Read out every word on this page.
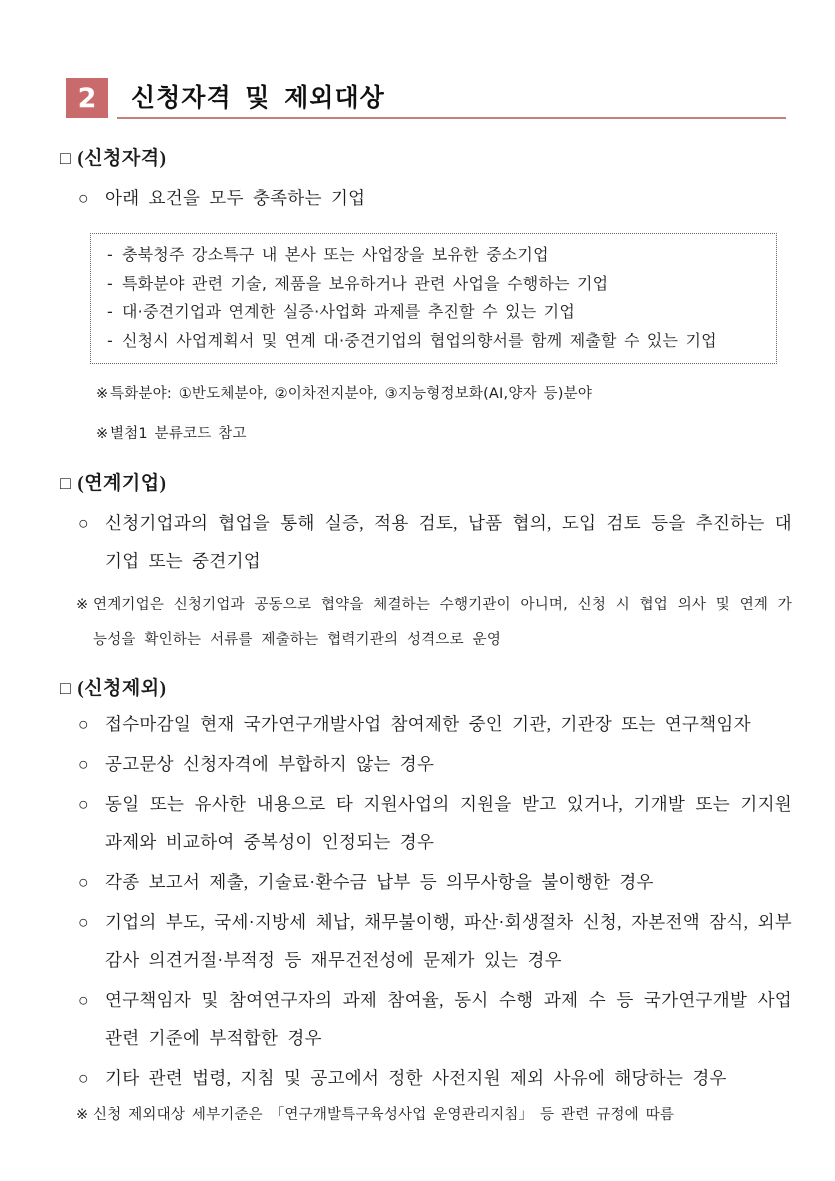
2	신청자격 및 제외대상
□ (신청자격)
○ 아래 요건을 모두 충족하는 기업
- 충북청주 강소특구 내 본사 또는 사업장을 보유한 중소기업
- 특화분야 관련 기술, 제품을 보유하거나 관련 사업을 수행하는 기업
- 대·중견기업과 연계한 실증·사업화 과제를 추진할 수 있는 기업
- 신청시 사업계획서 및 연계 대·중견기업의 협업의향서를 함께 제출할 수 있는 기업
※ 특화분야: ①반도체분야, ②이차전지분야, ③지능형정보화(AI,양자 등)분야
※ 별첨1 분류코드 참고
□ (연계기업)
○ 신청기업과의 협업을 통해 실증, 적용 검토, 납품 협의, 도입 검토 등을 추진하는 대기업 또는 중견기업
※ 연계기업은 신청기업과 공동으로 협약을 체결하는 수행기관이 아니며, 신청 시 협업 의사 및 연계 가능성을 확인하는 서류를 제출하는 협력기관의 성격으로 운영
□ (신청제외)
○ 접수마감일 현재 국가연구개발사업 참여제한 중인 기관, 기관장 또는 연구책임자
○ 공고문상 신청자격에 부합하지 않는 경우
○ 동일 또는 유사한 내용으로 타 지원사업의 지원을 받고 있거나, 기개발 또는 기지원 과제와 비교하여 중복성이 인정되는 경우
○ 각종 보고서 제출, 기술료·환수금 납부 등 의무사항을 불이행한 경우
○ 기업의 부도, 국세·지방세 체납, 채무불이행, 파산·회생절차 신청, 자본전액 잠식, 외부감사 의견거절·부적정 등 재무건전성에 문제가 있는 경우
○ 연구책임자 및 참여연구자의 과제 참여율, 동시 수행 과제 수 등 국가연구개발 사업 관련 기준에 부적합한 경우
○ 기타 관련 법령, 지침 및 공고에서 정한 사전지원 제외 사유에 해당하는 경우
※ 신청 제외대상 세부기준은 「연구개발특구육성사업 운영관리지침」 등 관련 규정에 따름
